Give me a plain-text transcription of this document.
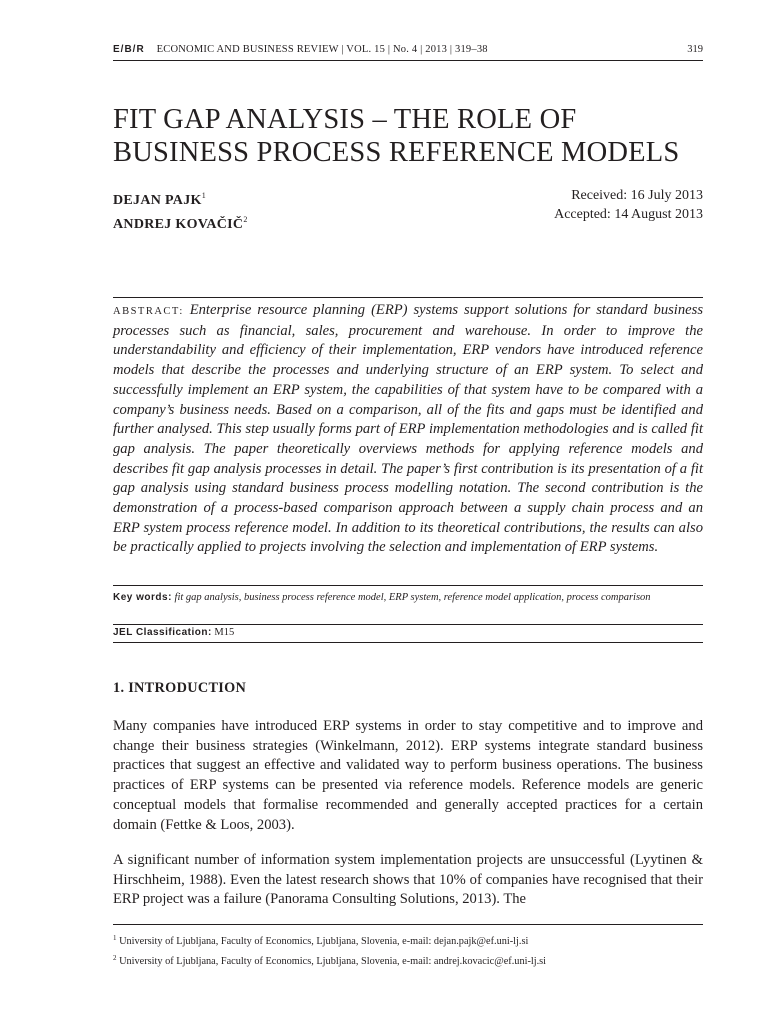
E/B/R ECONOMIC AND BUSINESS REVIEW | VOL. 15 | No. 4 | 2013 | 319–38	319
FIT GAP ANALYSIS – THE ROLE OF
BUSINESS PROCESS REFERENCE MODELS
DEJAN PAJK$^1$
ANDREJ KOVAČIČ$^2$
Received: 16 July 2013
Accepted: 14 August 2013
ABSTRACT: Enterprise resource planning (ERP) systems support solutions for standard business processes such as financial, sales, procurement and warehouse. In order to improve the understandability and efficiency of their implementation, ERP vendors have introduced reference models that describe the processes and underlying structure of an ERP system. To select and successfully implement an ERP system, the capabilities of that system have to be compared with a company’s business needs. Based on a comparison, all of the fits and gaps must be identified and further analysed. This step usually forms part of ERP implementation methodologies and is called fit gap analysis. The paper theoretically overviews methods for applying reference models and describes fit gap analysis processes in detail. The paper’s first contribution is its presentation of a fit gap analysis using standard business process modelling notation. The second contribution is the demonstration of a process-based comparison approach between a supply chain process and an ERP system process reference model. In addition to its theoretical contributions, the results can also be practically applied to projects involving the selection and implementation of ERP systems.
Key words: fit gap analysis, business process reference model, ERP system, reference model application, process comparison
JEL Classification: M15
1. INTRODUCTION

Many companies have introduced ERP systems in order to stay competitive and to improve and change their business strategies (Winkelmann, 2012). ERP systems integrate standard business practices that suggest an effective and validated way to perform business operations. The business practices of ERP systems can be presented via reference models. Reference models are generic conceptual models that formalise recommended and generally accepted practices for a certain domain (Fettke & Loos, 2003).

A significant number of information system implementation projects are unsuccessful (Lyytinen & Hirschheim, 1988). Even the latest research shows that 10% of companies have recognised that their ERP project was a failure (Panorama Consulting Solutions, 2013). The

$^1$ University of Ljubljana, Faculty of Economics, Ljubljana, Slovenia, e-mail: dejan.pajk@ef.uni-lj.si

$^2$ University of Ljubljana, Faculty of Economics, Ljubljana, Slovenia, e-mail: andrej.kovacic@ef.uni-lj.si
